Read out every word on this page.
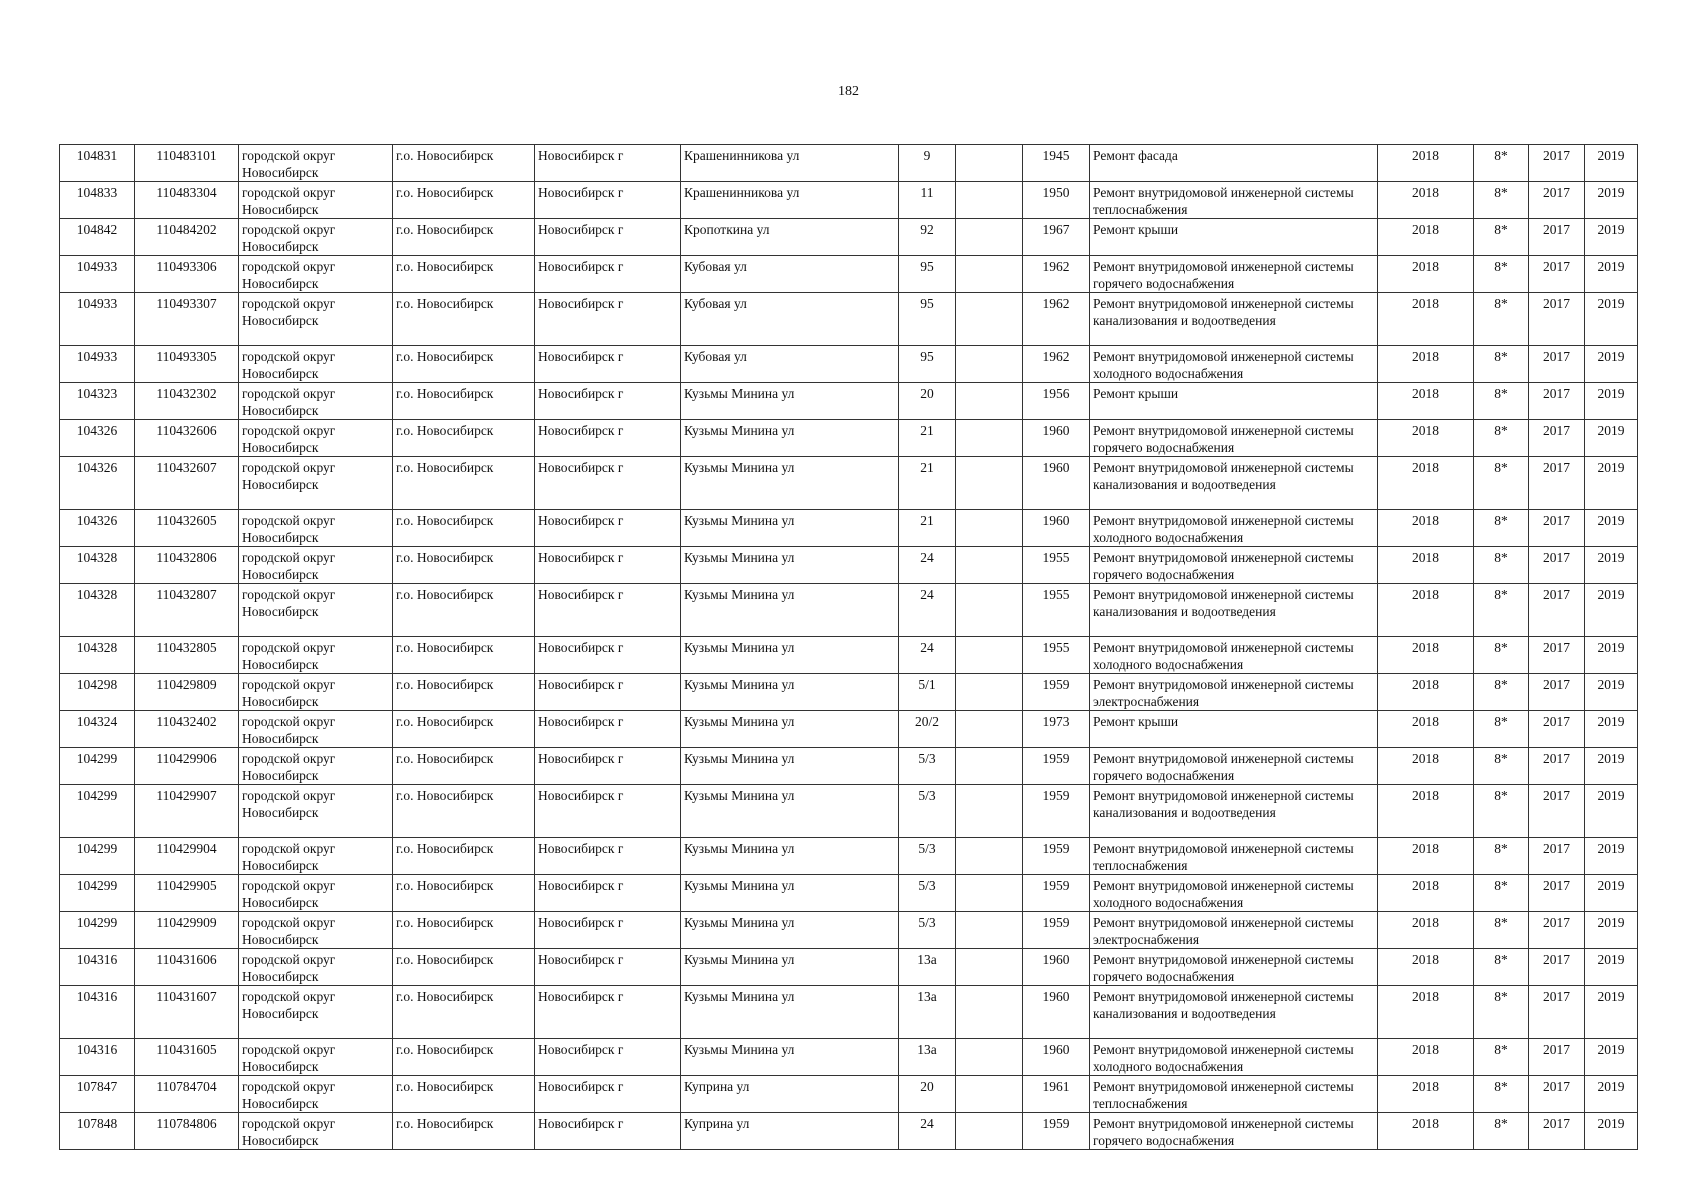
182
104831	110483101	городской округ Новосибирск	г.о. Новосибирск	Новосибирск г	Крашенинникова ул	9		1945	Ремонт фасада	2018	8*	2017	2019
104833	110483304	городской округ Новосибирск	г.о. Новосибирск	Новосибирск г	Крашенинникова ул	11		1950	Ремонт внутридомовой инженерной системы теплоснабжения	2018	8*	2017	2019
104842	110484202	городской округ Новосибирск	г.о. Новосибирск	Новосибирск г	Кропоткина ул	92		1967	Ремонт крыши	2018	8*	2017	2019
104933	110493306	городской округ Новосибирск	г.о. Новосибирск	Новосибирск г	Кубовая ул	95		1962	Ремонт внутридомовой инженерной системы горячего водоснабжения	2018	8*	2017	2019
104933	110493307	городской округ Новосибирск	г.о. Новосибирск	Новосибирск г	Кубовая ул	95		1962	Ремонт внутридомовой инженерной системы канализования и водоотведения	2018	8*	2017	2019
104933	110493305	городской округ Новосибирск	г.о. Новосибирск	Новосибирск г	Кубовая ул	95		1962	Ремонт внутридомовой инженерной системы холодного водоснабжения	2018	8*	2017	2019
104323	110432302	городской округ Новосибирск	г.о. Новосибирск	Новосибирск г	Кузьмы Минина ул	20		1956	Ремонт крыши	2018	8*	2017	2019
104326	110432606	городской округ Новосибирск	г.о. Новосибирск	Новосибирск г	Кузьмы Минина ул	21		1960	Ремонт внутридомовой инженерной системы горячего водоснабжения	2018	8*	2017	2019
104326	110432607	городской округ Новосибирск	г.о. Новосибирск	Новосибирск г	Кузьмы Минина ул	21		1960	Ремонт внутридомовой инженерной системы канализования и водоотведения	2018	8*	2017	2019
104326	110432605	городской округ Новосибирск	г.о. Новосибирск	Новосибирск г	Кузьмы Минина ул	21		1960	Ремонт внутридомовой инженерной системы холодного водоснабжения	2018	8*	2017	2019
104328	110432806	городской округ Новосибирск	г.о. Новосибирск	Новосибирск г	Кузьмы Минина ул	24		1955	Ремонт внутридомовой инженерной системы горячего водоснабжения	2018	8*	2017	2019
104328	110432807	городской округ Новосибирск	г.о. Новосибирск	Новосибирск г	Кузьмы Минина ул	24		1955	Ремонт внутридомовой инженерной системы канализования и водоотведения	2018	8*	2017	2019
104328	110432805	городской округ Новосибирск	г.о. Новосибирск	Новосибирск г	Кузьмы Минина ул	24		1955	Ремонт внутридомовой инженерной системы холодного водоснабжения	2018	8*	2017	2019
104298	110429809	городской округ Новосибирск	г.о. Новосибирск	Новосибирск г	Кузьмы Минина ул	5/1		1959	Ремонт внутридомовой инженерной системы электроснабжения	2018	8*	2017	2019
104324	110432402	городской округ Новосибирск	г.о. Новосибирск	Новосибирск г	Кузьмы Минина ул	20/2		1973	Ремонт крыши	2018	8*	2017	2019
104299	110429906	городской округ Новосибирск	г.о. Новосибирск	Новосибирск г	Кузьмы Минина ул	5/3		1959	Ремонт внутридомовой инженерной системы горячего водоснабжения	2018	8*	2017	2019
104299	110429907	городской округ Новосибирск	г.о. Новосибирск	Новосибирск г	Кузьмы Минина ул	5/3		1959	Ремонт внутридомовой инженерной системы канализования и водоотведения	2018	8*	2017	2019
104299	110429904	городской округ Новосибирск	г.о. Новосибирск	Новосибирск г	Кузьмы Минина ул	5/3		1959	Ремонт внутридомовой инженерной системы теплоснабжения	2018	8*	2017	2019
104299	110429905	городской округ Новосибирск	г.о. Новосибирск	Новосибирск г	Кузьмы Минина ул	5/3		1959	Ремонт внутридомовой инженерной системы холодного водоснабжения	2018	8*	2017	2019
104299	110429909	городской округ Новосибирск	г.о. Новосибирск	Новосибирск г	Кузьмы Минина ул	5/3		1959	Ремонт внутридомовой инженерной системы электроснабжения	2018	8*	2017	2019
104316	110431606	городской округ Новосибирск	г.о. Новосибирск	Новосибирск г	Кузьмы Минина ул	13а		1960	Ремонт внутридомовой инженерной системы горячего водоснабжения	2018	8*	2017	2019
104316	110431607	городской округ Новосибирск	г.о. Новосибирск	Новосибирск г	Кузьмы Минина ул	13а		1960	Ремонт внутридомовой инженерной системы канализования и водоотведения	2018	8*	2017	2019
104316	110431605	городской округ Новосибирск	г.о. Новосибирск	Новосибирск г	Кузьмы Минина ул	13а		1960	Ремонт внутридомовой инженерной системы холодного водоснабжения	2018	8*	2017	2019
107847	110784704	городской округ Новосибирск	г.о. Новосибирск	Новосибирск г	Куприна ул	20		1961	Ремонт внутридомовой инженерной системы теплоснабжения	2018	8*	2017	2019
107848	110784806	городской округ Новосибирск	г.о. Новосибирск	Новосибирск г	Куприна ул	24		1959	Ремонт внутридомовой инженерной системы горячего водоснабжения	2018	8*	2017	2019
